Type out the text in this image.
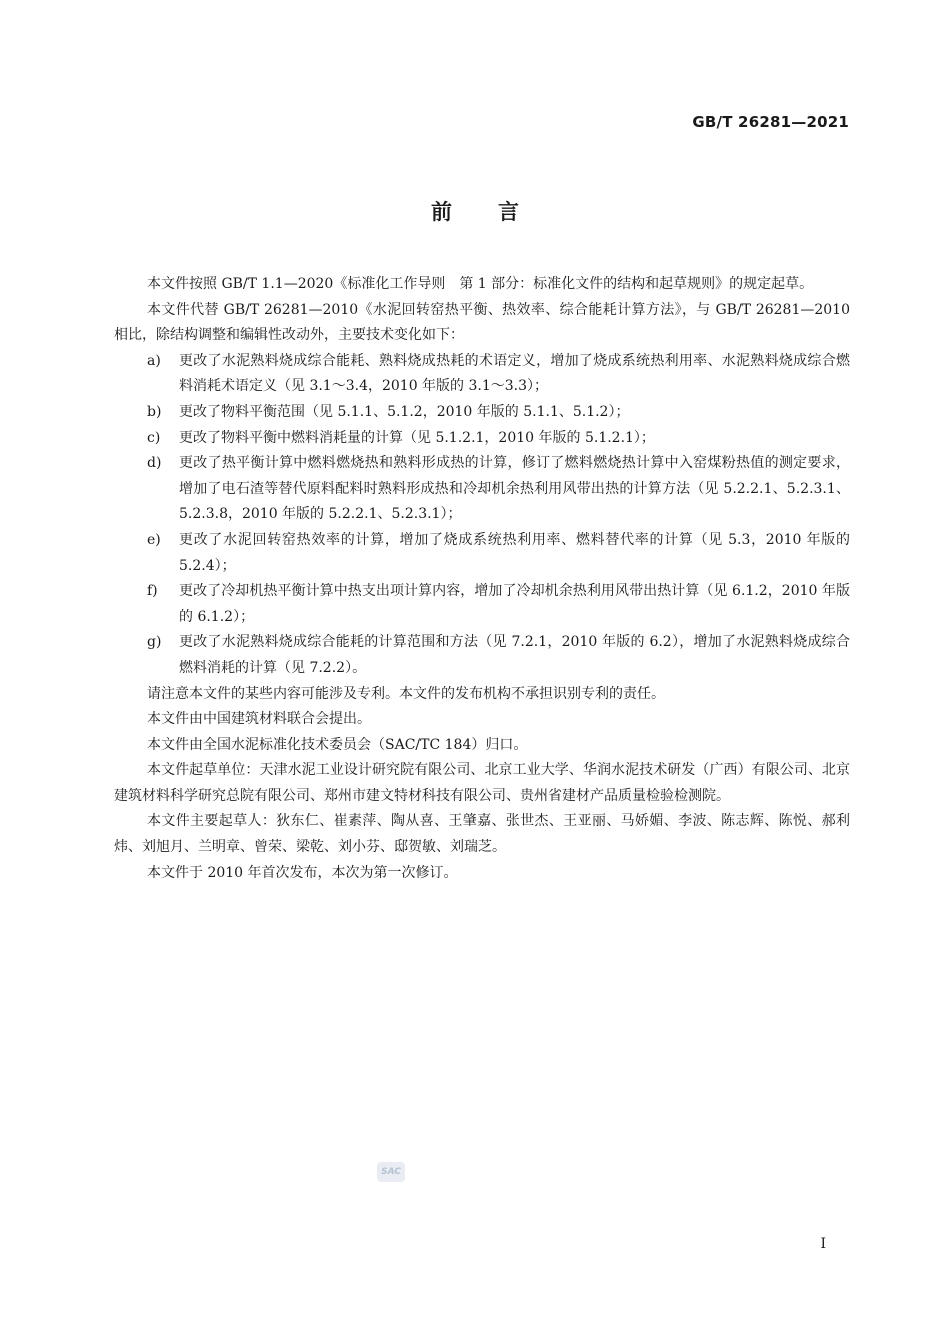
GB/T 26281—2021
前言

本文件按照 GB/T 1.1—2020《标准化工作导则　第 1 部分：标准化文件的结构和起草规则》的规定起草。

本文件代替 GB/T 26281—2010《水泥回转窑热平衡、热效率、综合能耗计算方法》，与 GB/T 26281—2010 相比，除结构调整和编辑性改动外，主要技术变化如下：

a) 更改了水泥熟料烧成综合能耗、熟料烧成热耗的术语定义，增加了烧成系统热利用率、水泥熟料烧成综合燃料消耗术语定义（见 3.1～3.4，2010 年版的 3.1～3.3）；
b) 更改了物料平衡范围（见 5.1.1、5.1.2，2010 年版的 5.1.1、5.1.2）；
c) 更改了物料平衡中燃料消耗量的计算（见 5.1.2.1，2010 年版的 5.1.2.1）；
d) 更改了热平衡计算中燃料燃烧热和熟料形成热的计算，修订了燃料燃烧热计算中入窑煤粉热值的测定要求，增加了电石渣等替代原料配料时熟料形成热和冷却机余热利用风带出热的计算方法（见 5.2.2.1、5.2.3.1、5.2.3.8，2010 年版的 5.2.2.1、5.2.3.1）；
e) 更改了水泥回转窑热效率的计算，增加了烧成系统热利用率、燃料替代率的计算（见 5.3，2010 年版的 5.2.4）；
f) 更改了冷却机热平衡计算中热支出项计算内容，增加了冷却机余热利用风带出热计算（见 6.1.2，2010 年版的 6.1.2）；
g) 更改了水泥熟料烧成综合能耗的计算范围和方法（见 7.2.1，2010 年版的 6.2），增加了水泥熟料烧成综合燃料消耗的计算（见 7.2.2）。

请注意本文件的某些内容可能涉及专利。本文件的发布机构不承担识别专利的责任。

本文件由中国建筑材料联合会提出。

本文件由全国水泥标准化技术委员会（SAC/TC 184）归口。

本文件起草单位：天津水泥工业设计研究院有限公司、北京工业大学、华润水泥技术研发（广西）有限公司、北京建筑材料科学研究总院有限公司、郑州市建文特材科技有限公司、贵州省建材产品质量检验检测院。

本文件主要起草人：狄东仁、崔素萍、陶从喜、王肇嘉、张世杰、王亚丽、马娇媚、李波、陈志辉、陈悦、郝利炜、刘旭月、兰明章、曾荣、梁乾、刘小芬、邸贺敏、刘瑞芝。

本文件于 2010 年首次发布，本次为第一次修订。

SAC
I
